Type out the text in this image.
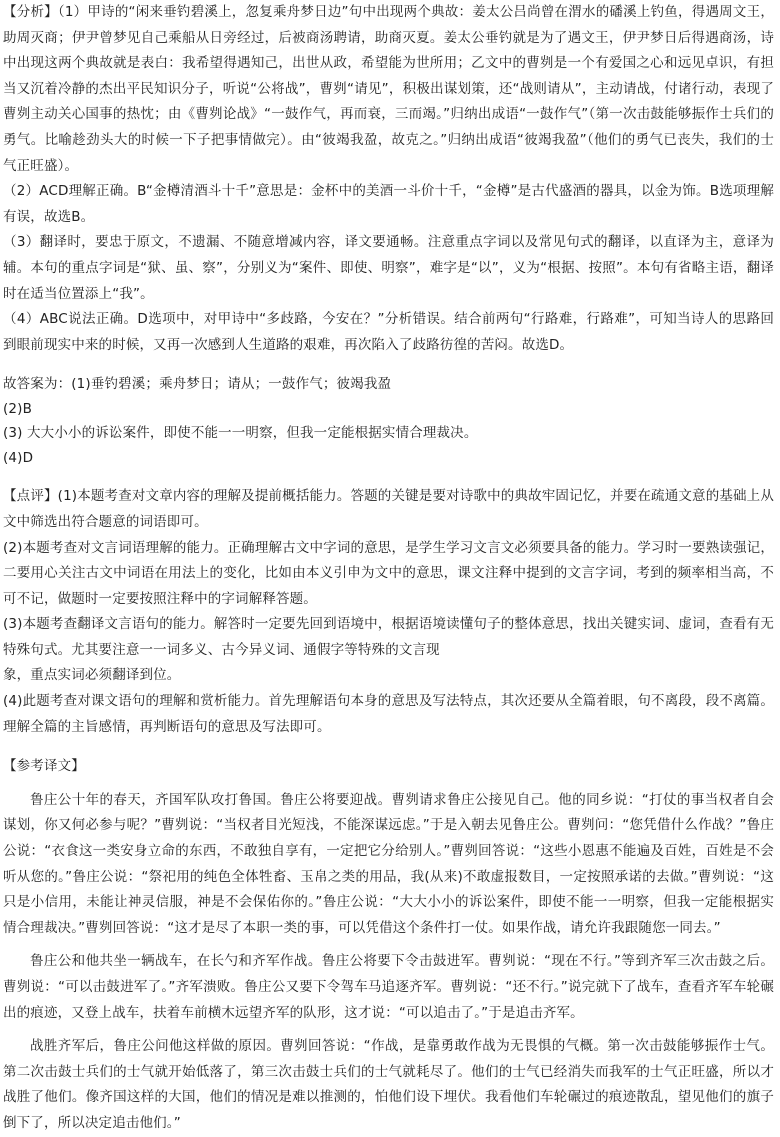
【分析】（1）甲诗的“闲来垂钓碧溪上，忽复乘舟梦日边”句中出现两个典故：姜太公吕尚曾在渭水的磻溪上钓鱼，得遇周文王，助周灭商；伊尹曾梦见自己乘船从日旁经过，后被商汤聘请，助商灭夏。姜太公垂钓就是为了遇文王，伊尹梦日后得遇商汤，诗中出现这两个典故就是表白：我希望得遇知己，出世从政，希望能为世所用；乙文中的曹刿是一个有爱国之心和远见卓识，有担当又沉着冷静的杰出平民知识分子，听说“公将战”，曹刿“请见”，积极出谋划策，还“战则请从”，主动请战，付诸行动，表现了曹刿主动关心国事的热忱；由《曹刿论战》“一鼓作气，再而衰，三而竭。”归纳出成语“一鼓作气”（第一次击鼓能够振作士兵们的勇气。比喻趁劲头大的时候一下子把事情做完）。由“彼竭我盈，故克之。”归纳出成语“彼竭我盈”（他们的勇气已丧失，我们的士气正旺盛）。

（2）ACD理解正确。B“金樽清酒斗十千”意思是：金杯中的美酒一斗价十千，“金樽”是古代盛酒的器具，以金为饰。B选项理解有误，故选B。

（3）翻译时，要忠于原文，不遗漏、不随意增减内容，译文要通畅。注意重点字词以及常见句式的翻译，以直译为主，意译为辅。本句的重点字词是“狱、虽、察”，分别义为“案件、即使、明察”，难字是“以”，义为“根据、按照”。本句有省略主语，翻译时在适当位置添上“我”。

（4）ABC说法正确。D选项中，对甲诗中“多歧路，今安在？”分析错误。结合前两句“行路难，行路难”，可知当诗人的思路回到眼前现实中来的时候，又再一次感到人生道路的艰难，再次陷入了歧路彷徨的苦闷。故选D。

故答案为：(1)垂钓碧溪；乘舟梦日；请从；一鼓作气；彼竭我盈

(2)B

(3) 大大小小的诉讼案件，即使不能一一明察，但我一定能根据实情合理裁决。

(4)D

【点评】(1)本题考查对文章内容的理解及提前概括能力。答题的关键是要对诗歌中的典故牢固记忆，并要在疏通文意的基础上从文中筛选出符合题意的词语即可。

(2)本题考查对文言词语理解的能力。正确理解古文中字词的意思，是学生学习文言文必须要具备的能力。学习时一要熟读强记，二要用心关注古文中词语在用法上的变化，比如由本义引申为文中的意思，课文注释中提到的文言字词，考到的频率相当高，不可不记，做题时一定要按照注释中的字词解释答题。

(3)本题考查翻译文言语句的能力。解答时一定要先回到语境中，根据语境读懂句子的整体意思，找出关键实词、虚词，查看有无特殊句式。尤其要注意一一词多义、古今异义词、通假字等特殊的文言现

象，重点实词必须翻译到位。

(4)此题考查对课文语句的理解和赏析能力。首先理解语句本身的意思及写法特点，其次还要从全篇着眼，句不离段，段不离篇。理解全篇的主旨感情，再判断语句的意思及写法即可。

【参考译文】

鲁庄公十年的春天，齐国军队攻打鲁国。鲁庄公将要迎战。曹刿请求鲁庄公接见自己。他的同乡说：“打仗的事当权者自会谋划，你又何必参与呢？”曹刿说：“当权者目光短浅，不能深谋远虑。”于是入朝去见鲁庄公。曹刿问：“您凭借什么作战？”鲁庄公说：“衣食这一类安身立命的东西，不敢独自享有，一定把它分给别人。”曹刿回答说：“这些小恩惠不能遍及百姓，百姓是不会听从您的。”鲁庄公说：“祭祀用的纯色全体牲畜、玉帛之类的用品，我(从来)不敢虚报数目，一定按照承诺的去做。”曹刿说：“这只是小信用，未能让神灵信服，神是不会保佑你的。”鲁庄公说：“大大小小的诉讼案件，即使不能一一明察，但我一定能根据实情合理裁决。”曹刿回答说：“这才是尽了本职一类的事，可以凭借这个条件打一仗。如果作战，请允许我跟随您一同去。”

鲁庄公和他共坐一辆战车，在长勺和齐军作战。鲁庄公将要下令击鼓进军。曹刿说：“现在不行。”等到齐军三次击鼓之后。曹刿说：“可以击鼓进军了。”齐军溃败。鲁庄公又要下令驾车马追逐齐军。曹刿说：“还不行。”说完就下了战车，查看齐军车轮碾出的痕迹，又登上战车，扶着车前横木远望齐军的队形，这才说：“可以追击了。”于是追击齐军。

战胜齐军后，鲁庄公问他这样做的原因。曹刿回答说：“作战，是靠勇敢作战为无畏惧的气概。第一次击鼓能够振作士气。第二次击鼓士兵们的士气就开始低落了，第三次击鼓士兵们的士气就耗尽了。他们的士气已经消失而我军的士气正旺盛，所以才战胜了他们。像齐国这样的大国，他们的情况是难以推测的，怕他们设下埋伏。我看他们车轮碾过的痕迹散乱，望见他们的旗子倒下了，所以决定追击他们。”
